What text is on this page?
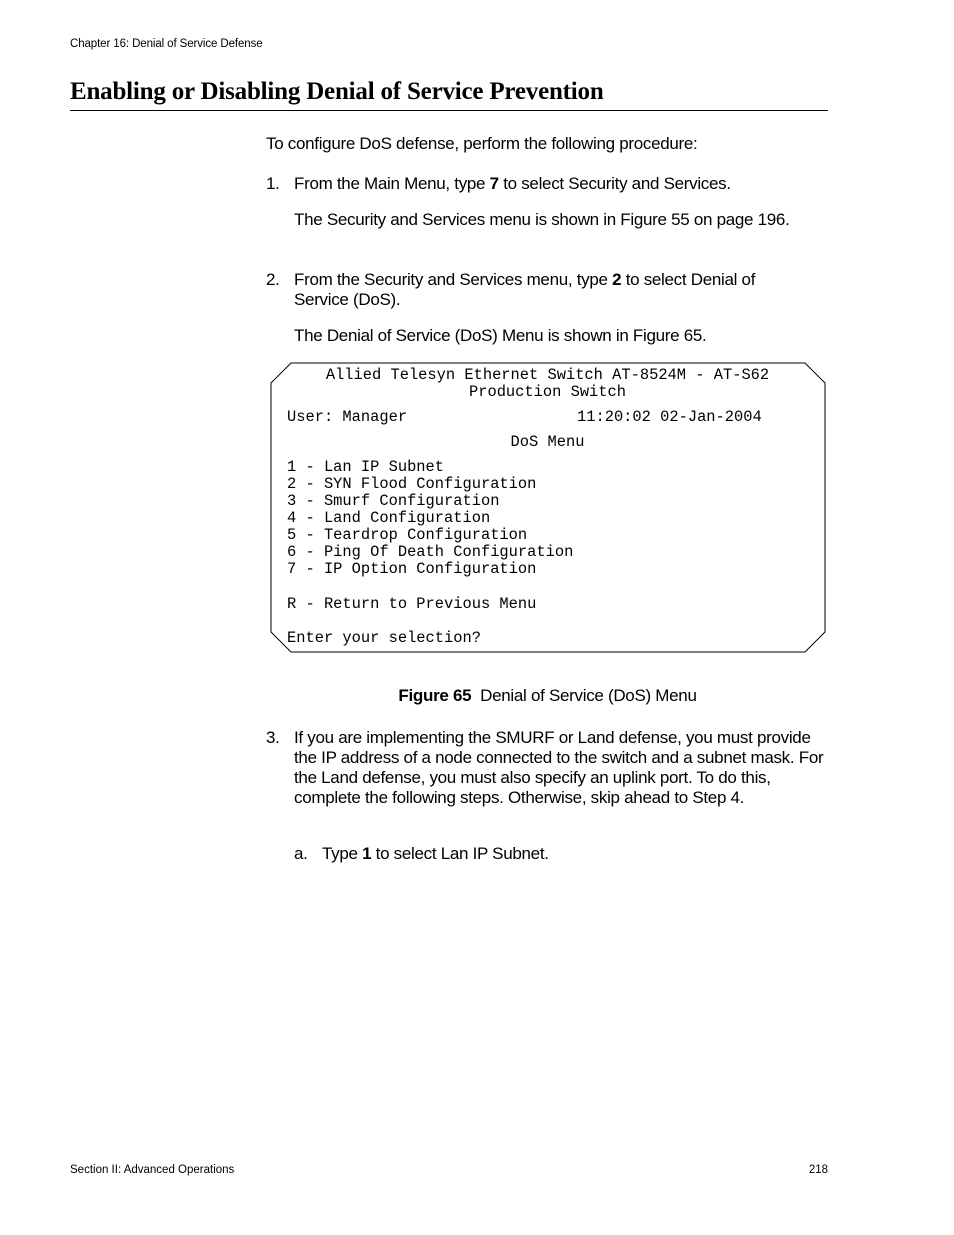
Chapter 16: Denial of Service Defense
Enabling or Disabling Denial of Service Prevention
To configure DoS defense, perform the following procedure:
1. From the Main Menu, type 7 to select Security and Services.
The Security and Services menu is shown in Figure 55 on page 196.
2. From the Security and Services menu, type 2 to select Denial of Service (DoS).
The Denial of Service (DoS) Menu is shown in Figure 65.
Allied Telesyn Ethernet Switch AT-8524M - AT-S62
Production Switch
User: Manager	11:20:02 02-Jan-2004
DoS Menu
1 - Lan IP Subnet
2 - SYN Flood Configuration
3 - Smurf Configuration
4 - Land Configuration
5 - Teardrop Configuration
6 - Ping Of Death Configuration
7 - IP Option Configuration
R - Return to Previous Menu
Enter your selection?
Figure 65 Denial of Service (DoS) Menu
3. If you are implementing the SMURF or Land defense, you must provide the IP address of a node connected to the switch and a subnet mask. For the Land defense, you must also specify an uplink port. To do this, complete the following steps. Otherwise, skip ahead to Step 4.
a. Type 1 to select Lan IP Subnet.
Section II: Advanced Operations	218
